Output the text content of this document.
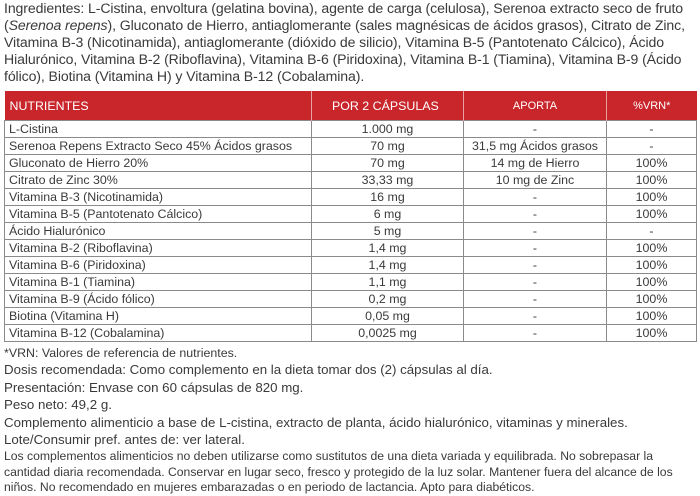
Ingredientes: L-Cistina, envoltura (gelatina bovina), agente de carga (celulosa), Serenoa extracto seco de fruto (Serenoa repens), Gluconato de Hierro, antiaglomerante (sales magnésicas de ácidos grasos), Citrato de Zinc, Vitamina B-3 (Nicotinamida), antiaglomerante (dióxido de silicio), Vitamina B-5 (Pantotenato Cálcico), Ácido Hialurónico, Vitamina B-2 (Riboflavina), Vitamina B-6 (Piridoxina), Vitamina B-1 (Tiamina), Vitamina B-9 (Ácido fólico), Biotina (Vitamina H) y Vitamina B-12 (Cobalamina).

NUTRIENTES	POR 2 CÁPSULAS	APORTA	%VRN*
L-Cistina	1.000 mg	-	-
Serenoa Repens Extracto Seco 45% Ácidos grasos	70 mg	31,5 mg Ácidos grasos	-
Gluconato de Hierro 20%	70 mg	14 mg de Hierro	100%
Citrato de Zinc 30%	33,33 mg	10 mg de Zinc	100%
Vitamina B-3 (Nicotinamida)	16 mg	-	100%
Vitamina B-5 (Pantotenato Cálcico)	6 mg	-	100%
Ácido Hialurónico	5 mg	-	-
Vitamina B-2 (Riboflavina)	1,4 mg	-	100%
Vitamina B-6 (Piridoxina)	1,4 mg	-	100%
Vitamina B-1 (Tiamina)	1,1 mg	-	100%
Vitamina B-9 (Ácido fólico)	0,2 mg	-	100%
Biotina (Vitamina H)	0,05 mg	-	100%
Vitamina B-12 (Cobalamina)	0,0025 mg	-	100%

*VRN: Valores de referencia de nutrientes.

Dosis recomendada: Como complemento en la dieta tomar dos (2) cápsulas al día.

Presentación: Envase con 60 cápsulas de 820 mg.

Peso neto: 49,2 g.

Complemento alimenticio a base de L-cistina, extracto de planta, ácido hialurónico, vitaminas y minerales.

Lote/Consumir pref. antes de: ver lateral.

Los complementos alimenticios no deben utilizarse como sustitutos de una dieta variada y equilibrada. No sobrepasar la cantidad diaria recomendada. Conservar en lugar seco, fresco y protegido de la luz solar. Mantener fuera del alcance de los niños. No recomendado en mujeres embarazadas o en periodo de lactancia. Apto para diabéticos.
